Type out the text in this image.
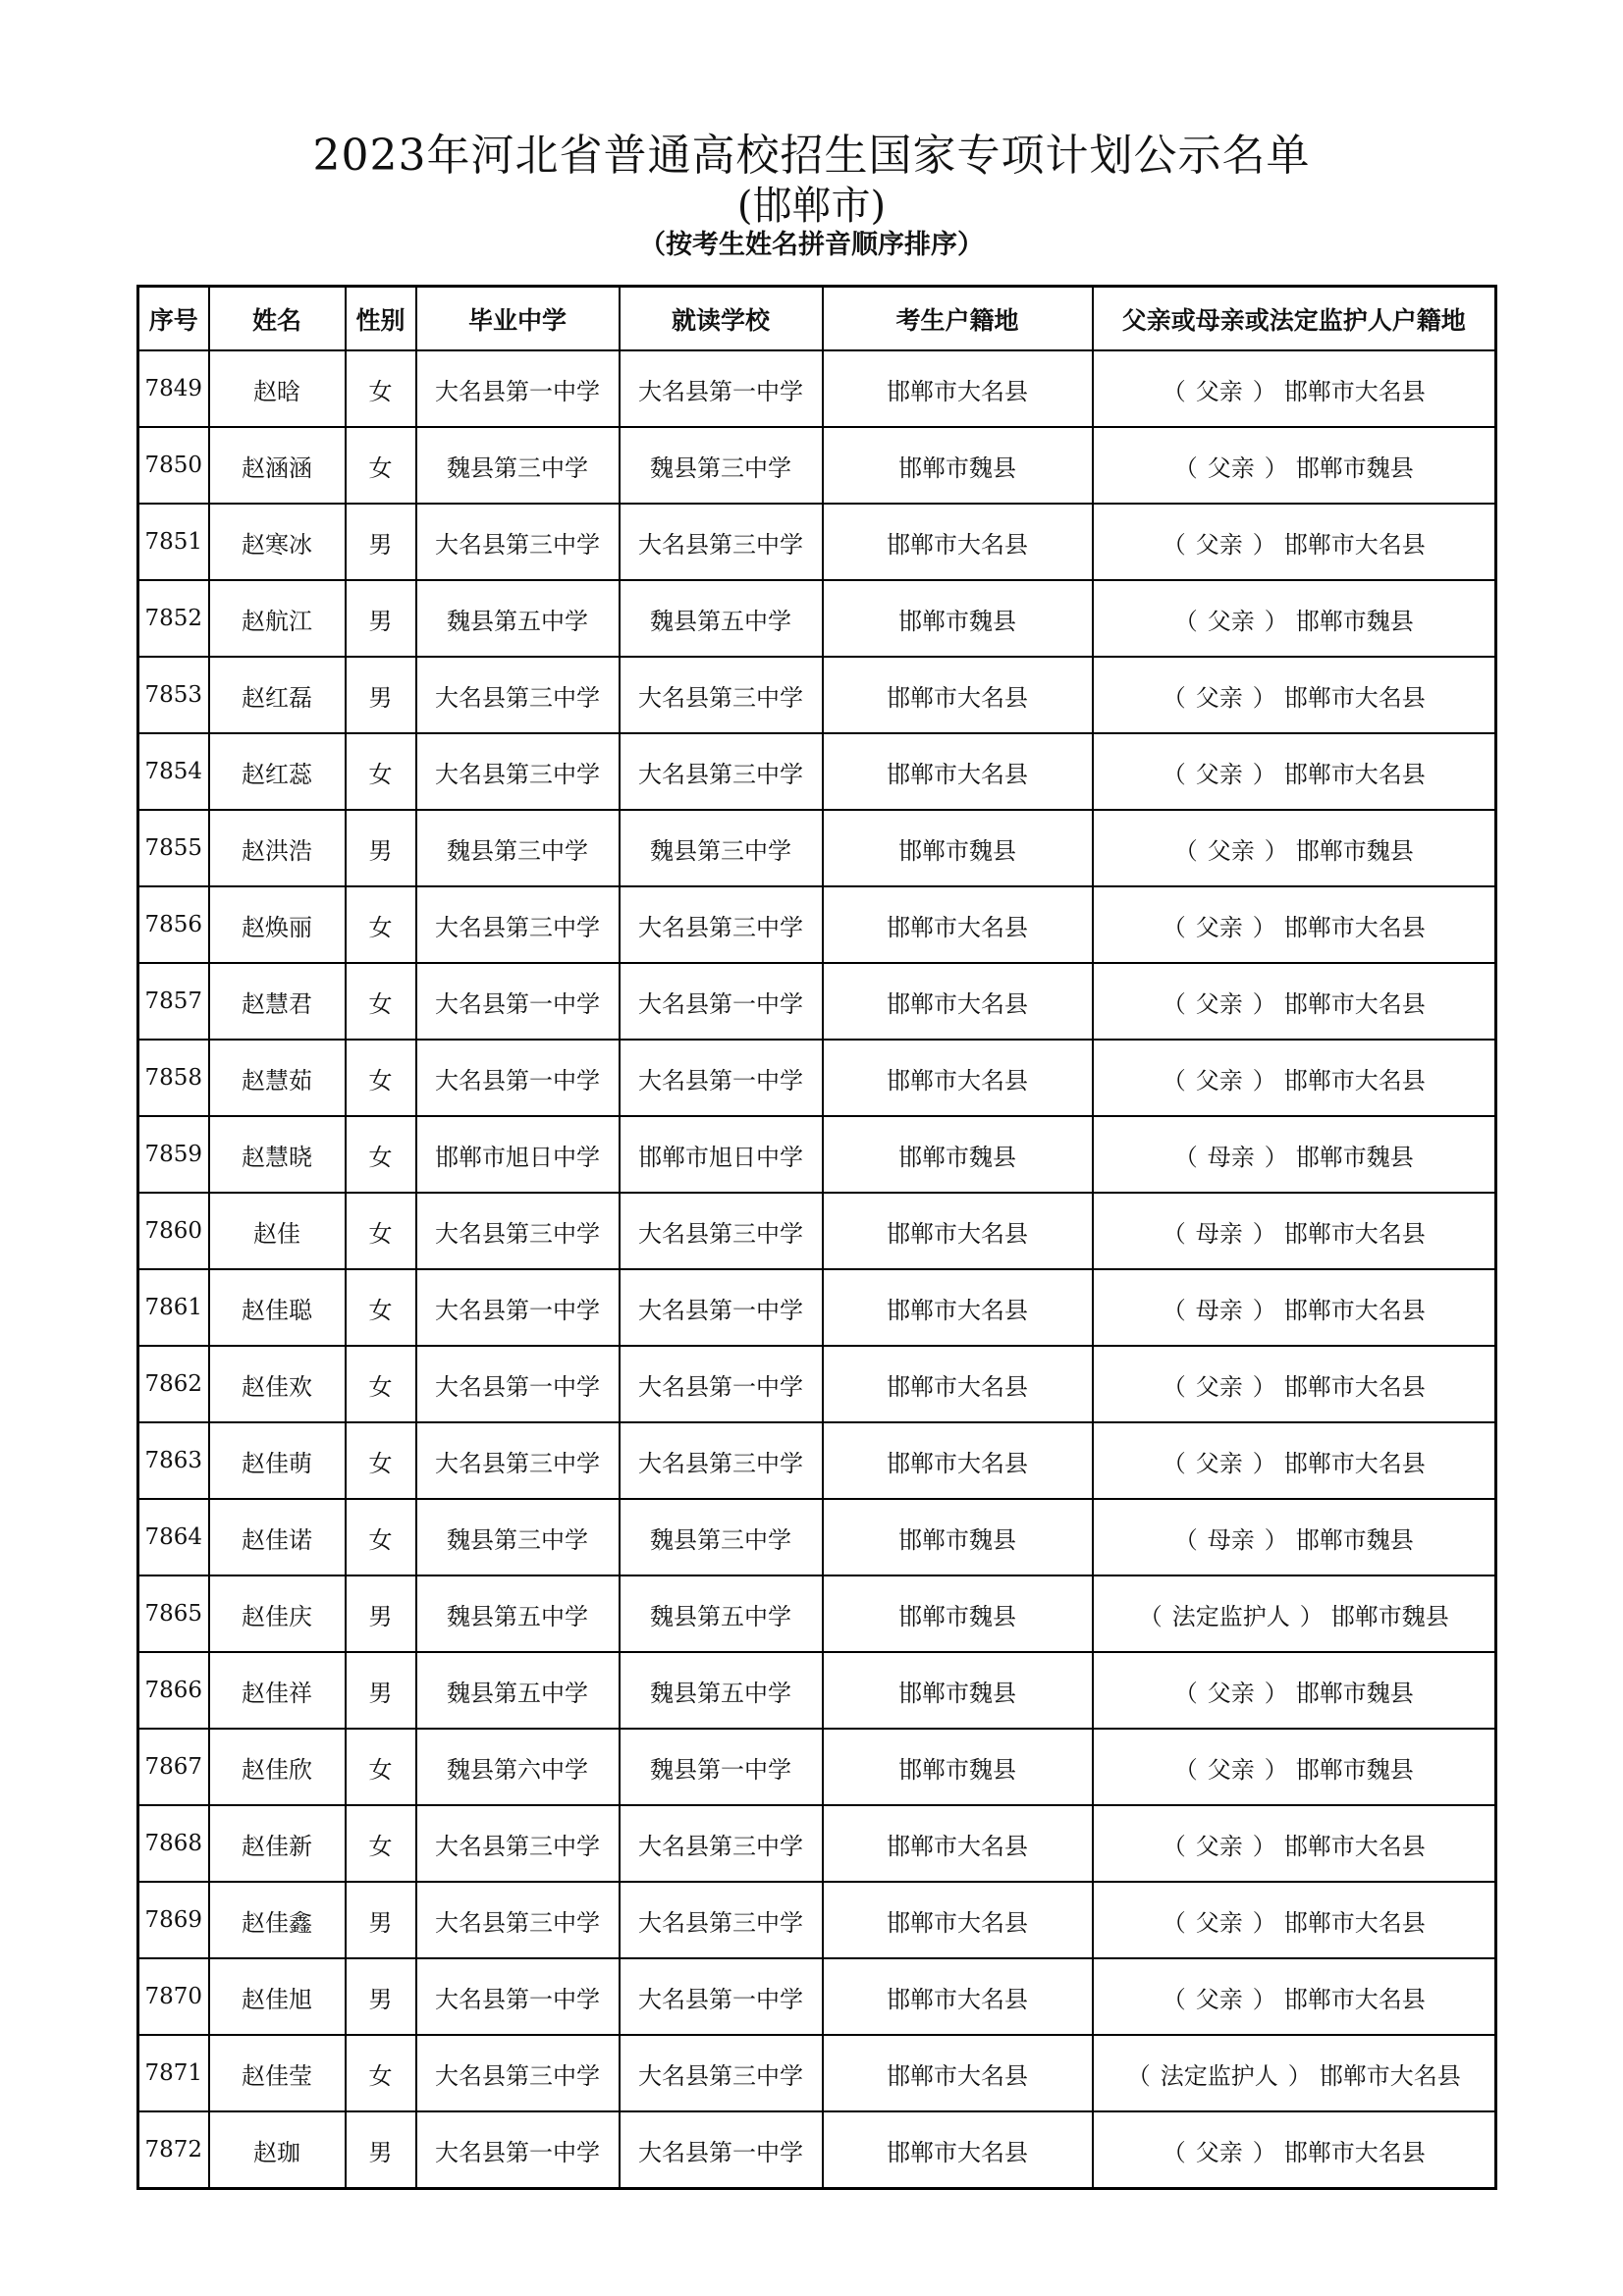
2023年河北省普通高校招生国家专项计划公示名单
(邯郸市)
（按考生姓名拼音顺序排序）
序号	姓名	性别	毕业中学	就读学校	考生户籍地	父亲或母亲或法定监护人户籍地
7849	赵晗	女	大名县第一中学	大名县第一中学	邯郸市大名县	（ 父亲 ） 邯郸市大名县
7850	赵涵涵	女	魏县第三中学	魏县第三中学	邯郸市魏县	（ 父亲 ） 邯郸市魏县
7851	赵寒冰	男	大名县第三中学	大名县第三中学	邯郸市大名县	（ 父亲 ） 邯郸市大名县
7852	赵航江	男	魏县第五中学	魏县第五中学	邯郸市魏县	（ 父亲 ） 邯郸市魏县
7853	赵红磊	男	大名县第三中学	大名县第三中学	邯郸市大名县	（ 父亲 ） 邯郸市大名县
7854	赵红蕊	女	大名县第三中学	大名县第三中学	邯郸市大名县	（ 父亲 ） 邯郸市大名县
7855	赵洪浩	男	魏县第三中学	魏县第三中学	邯郸市魏县	（ 父亲 ） 邯郸市魏县
7856	赵焕丽	女	大名县第三中学	大名县第三中学	邯郸市大名县	（ 父亲 ） 邯郸市大名县
7857	赵慧君	女	大名县第一中学	大名县第一中学	邯郸市大名县	（ 父亲 ） 邯郸市大名县
7858	赵慧茹	女	大名县第一中学	大名县第一中学	邯郸市大名县	（ 父亲 ） 邯郸市大名县
7859	赵慧晓	女	邯郸市旭日中学	邯郸市旭日中学	邯郸市魏县	（ 母亲 ） 邯郸市魏县
7860	赵佳	女	大名县第三中学	大名县第三中学	邯郸市大名县	（ 母亲 ） 邯郸市大名县
7861	赵佳聪	女	大名县第一中学	大名县第一中学	邯郸市大名县	（ 母亲 ） 邯郸市大名县
7862	赵佳欢	女	大名县第一中学	大名县第一中学	邯郸市大名县	（ 父亲 ） 邯郸市大名县
7863	赵佳萌	女	大名县第三中学	大名县第三中学	邯郸市大名县	（ 父亲 ） 邯郸市大名县
7864	赵佳诺	女	魏县第三中学	魏县第三中学	邯郸市魏县	（ 母亲 ） 邯郸市魏县
7865	赵佳庆	男	魏县第五中学	魏县第五中学	邯郸市魏县	（ 法定监护人 ） 邯郸市魏县
7866	赵佳祥	男	魏县第五中学	魏县第五中学	邯郸市魏县	（ 父亲 ） 邯郸市魏县
7867	赵佳欣	女	魏县第六中学	魏县第一中学	邯郸市魏县	（ 父亲 ） 邯郸市魏县
7868	赵佳新	女	大名县第三中学	大名县第三中学	邯郸市大名县	（ 父亲 ） 邯郸市大名县
7869	赵佳鑫	男	大名县第三中学	大名县第三中学	邯郸市大名县	（ 父亲 ） 邯郸市大名县
7870	赵佳旭	男	大名县第一中学	大名县第一中学	邯郸市大名县	（ 父亲 ） 邯郸市大名县
7871	赵佳莹	女	大名县第三中学	大名县第三中学	邯郸市大名县	（ 法定监护人 ） 邯郸市大名县
7872	赵珈	男	大名县第一中学	大名县第一中学	邯郸市大名县	（ 父亲 ） 邯郸市大名县
